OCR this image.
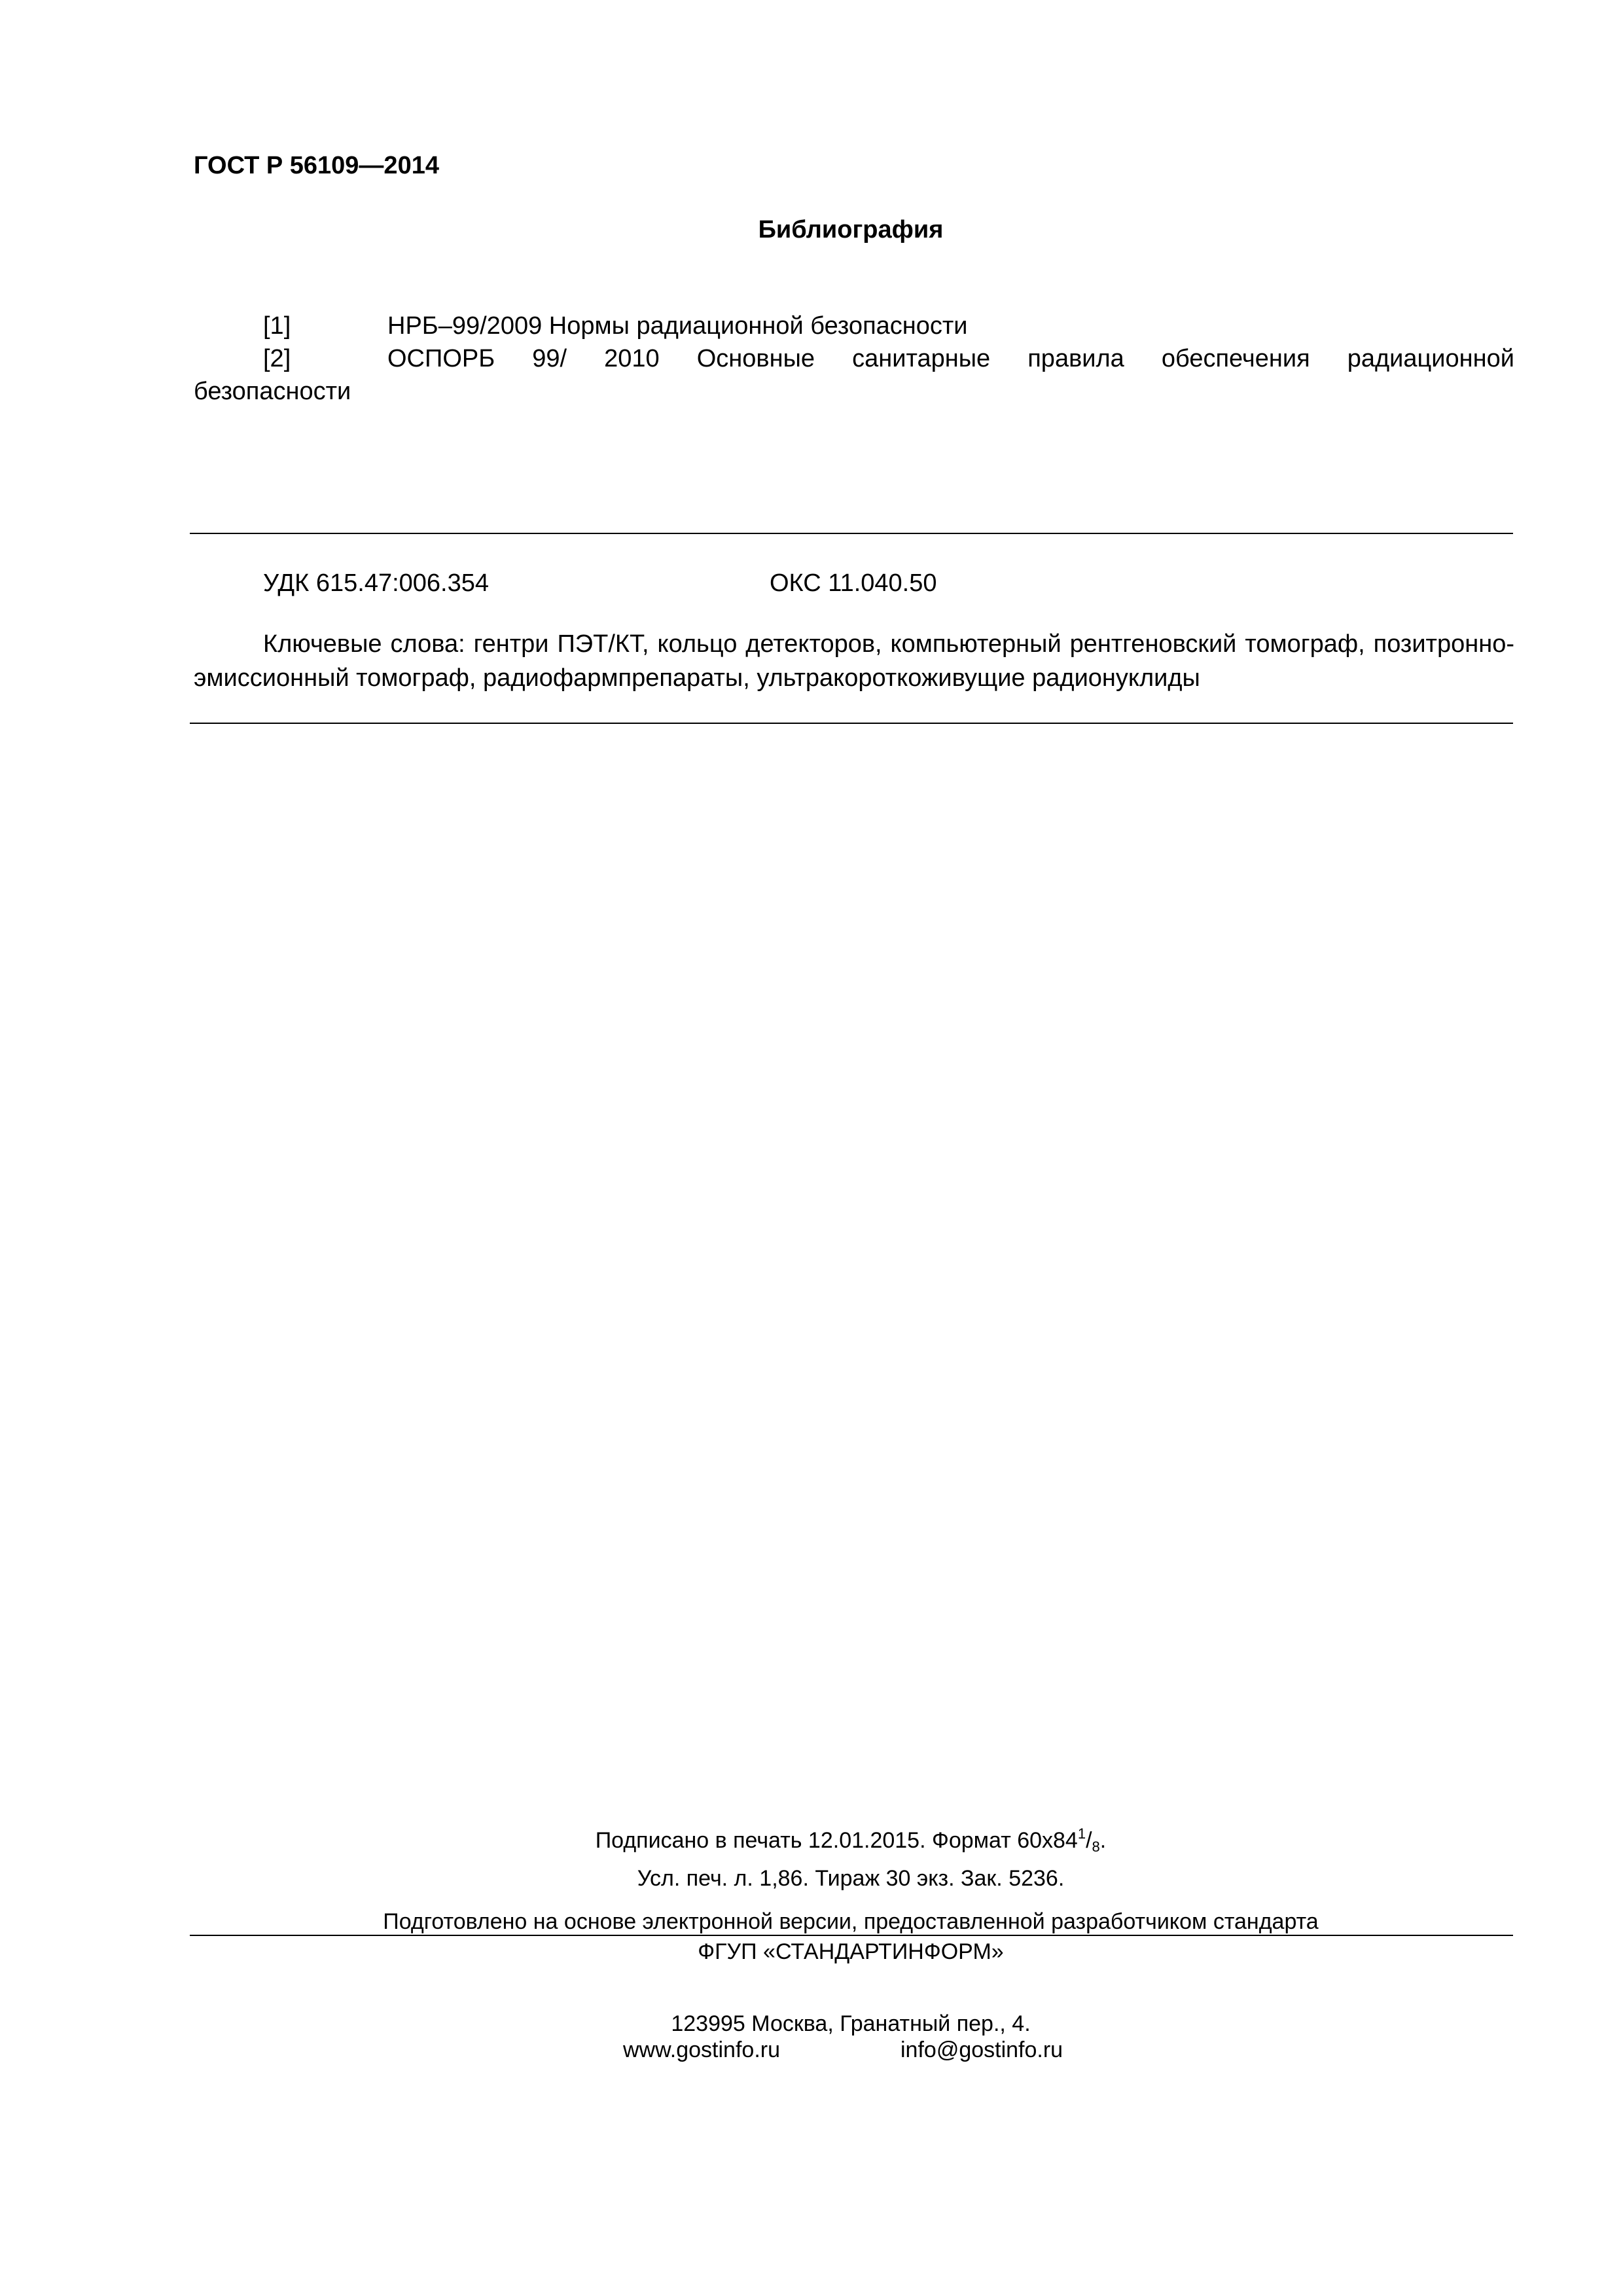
ГОСТ Р 56109—2014

Библиография

[1]	НРБ–99/2009 Нормы радиационной безопасности
[2]	ОСПОРБ 99/ 2010 Основные санитарные правила обеспечения радиационной
безопасности
УДК 615.47:006.354	ОКС 11.040.50

Ключевые слова: гентри ПЭТ/КТ, кольцо детекторов, компьютерный рентгеновский томограф, позитронно-эмиссионный томограф, радиофармпрепараты, ультракороткоживущие радионуклиды

Подписано в печать 12.01.2015. Формат $60х84^1/_8$.

Усл. печ. л. 1,86. Тираж 30 экз. Зак. 5236.

Подготовлено на основе электронной версии, предоставленной разработчиком стандарта

ФГУП «СТАНДАРТИНФОРМ»

123995 Москва, Гранатный пер., 4.

www.gostinfo.ru	info@gostinfo.ru
